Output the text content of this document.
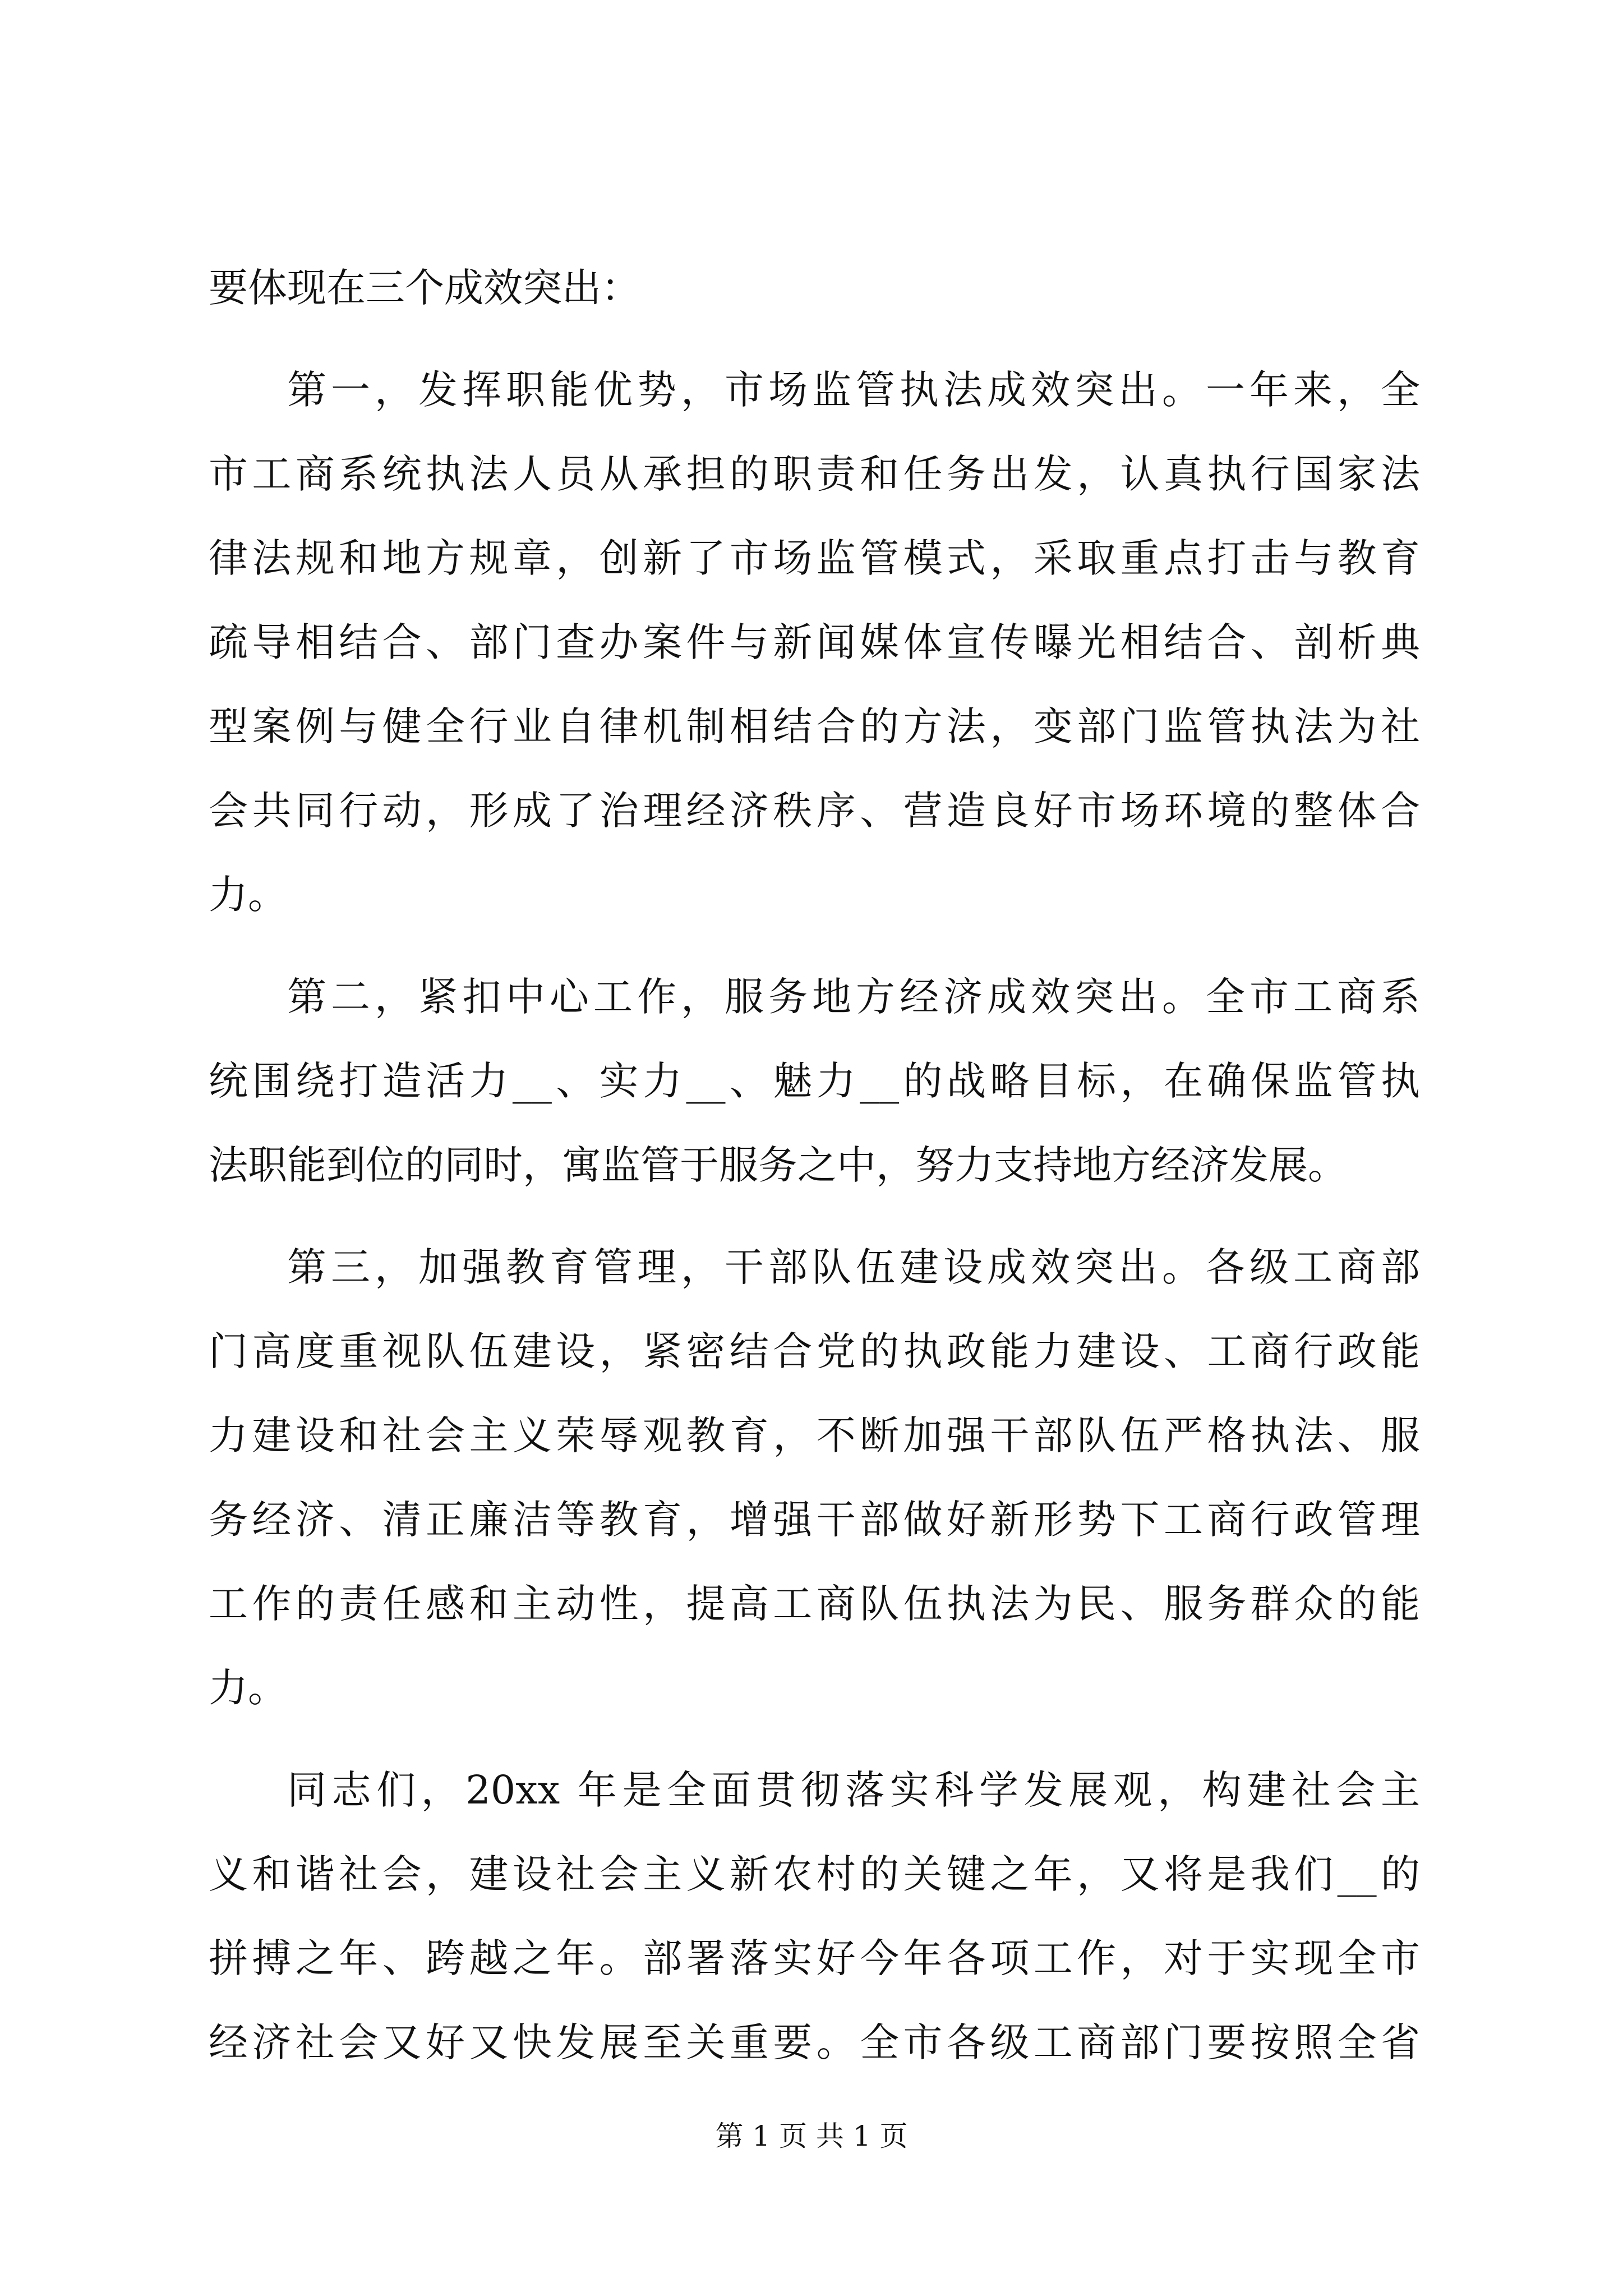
要体现在三个成效突出：
第一，发挥职能优势，市场监管执法成效突出。一年来，全
市工商系统执法人员从承担的职责和任务出发，认真执行国家法
律法规和地方规章，创新了市场监管模式，采取重点打击与教育
疏导相结合、部门查办案件与新闻媒体宣传曝光相结合、剖析典
型案例与健全行业自律机制相结合的方法，变部门监管执法为社
会共同行动，形成了治理经济秩序、营造良好市场环境的整体合
力。
第二，紧扣中心工作，服务地方经济成效突出。全市工商系
统围绕打造活力__、实力__、魅力__的战略目标，在确保监管执
法职能到位的同时，寓监管于服务之中，努力支持地方经济发展。
第三，加强教育管理，干部队伍建设成效突出。各级工商部
门高度重视队伍建设，紧密结合党的执政能力建设、工商行政能
力建设和社会主义荣辱观教育，不断加强干部队伍严格执法、服
务经济、清正廉洁等教育，增强干部做好新形势下工商行政管理
工作的责任感和主动性，提高工商队伍执法为民、服务群众的能
力。
同志们，20xx 年是全面贯彻落实科学发展观，构建社会主
义和谐社会，建设社会主义新农村的关键之年，又将是我们__的
拼搏之年、跨越之年。部署落实好今年各项工作，对于实现全市
经济社会又好又快发展至关重要。全市各级工商部门要按照全省
第 1 页 共 1 页
